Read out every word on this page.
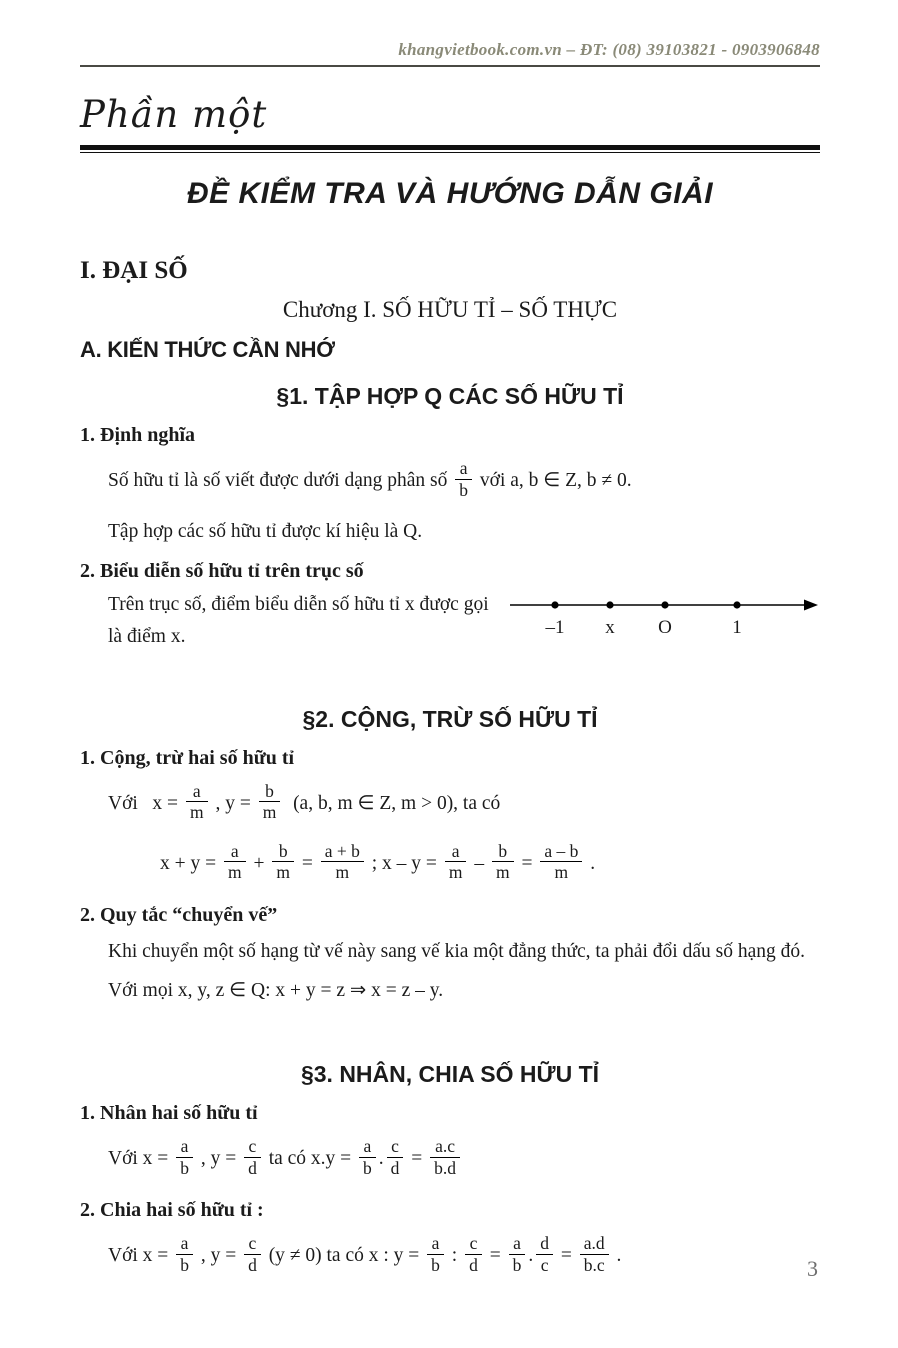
khangvietbook.com.vn – ĐT: (08) 39103821 - 0903906848
Phần một
ĐỀ KIỂM TRA VÀ HƯỚNG DẪN GIẢI
I. ĐẠI SỐ
Chương I. SỐ HỮU TỈ – SỐ THỰC
A. KIẾN THỨC CẦN NHỚ
§1. TẬP HỢP Q CÁC SỐ HỮU TỈ
1. Định nghĩa
Số hữu tỉ là số viết được dưới dạng phân số $\frac{a}{b}$ với a, b ∈ Z, b ≠ 0.
Tập hợp các số hữu tỉ được kí hiệu là Q.
2. Biểu diễn số hữu tỉ trên trục số
Trên trục số, điểm biểu diễn số hữu tỉ x được gọi là điểm x.	–1 x O	1
§2. CỘNG, TRỪ SỐ HỮU TỈ
1. Cộng, trừ hai số hữu tỉ
Với   $x = \frac{a}{m}$ , $y = \frac{b}{m} (a$, b, m ∈ Z, m > 0), ta có
$x + y = \frac{a}{m} + \frac{b}{m} = \frac{a + b}{m}$ ; $x - y = \frac{a}{m} - \frac{b}{m} = \frac{a - b}{m}$ .
2. Quy tắc “chuyển vế”
Khi chuyển một số hạng từ vế này sang vế kia một đẳng thức, ta phải đổi dấu số hạng đó.
Với mọi x, y, z ∈ Q: x + y = z ⇒ x = z – y.
§3. NHÂN, CHIA SỐ HỮU TỈ
1. Nhân hai số hữu tỉ
Với $x = \frac{a}{b}$ , $y = \frac{c}{d}$ ta có $x.y = \frac{a}{b}$ . $\frac{c}{d} = \frac{a.c}{b.d}$
2. Chia hai số hữu tỉ :
Với $x = \frac{a}{b}$ , $y = \frac{c}{d} (y \ne 0)$ ta có x : $y = \frac{a}{b}$ : $\frac{c}{d} = \frac{a}{b}$ . $\frac{d}{c} = \frac{a.d}{b.c}$ .
3
